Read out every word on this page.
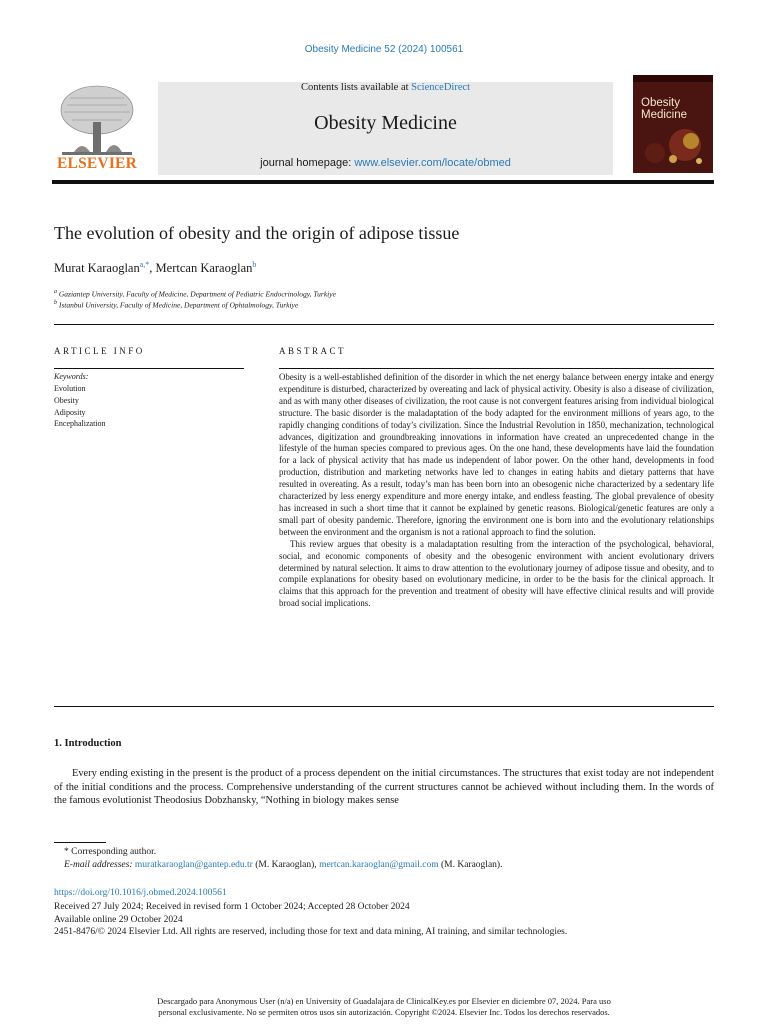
Obesity Medicine 52 (2024) 100561
ELSEVIER
Contents lists available at ScienceDirect
Obesity Medicine
journal homepage: www.elsevier.com/locate/obmed
Obesity
Medicine
The evolution of obesity and the origin of adipose tissue
Murat Karaoglan$^{a,*}$, Mertcan Karaoglan$^b$
$^a$ Gaziantep University, Faculty of Medicine, Department of Pediatric Endocrinology, Turkiye
$^b$ Istanbul University, Faculty of Medicine, Department of Ophtalmology, Turkiye
ARTICLE INFO
Keywords:
Evolution
Obesity
Adiposity
Encephalization
ABSTRACT

Obesity is a well-established definition of the disorder in which the net energy balance between energy intake and energy expenditure is disturbed, characterized by overeating and lack of physical activity. Obesity is also a disease of civilization, and as with many other diseases of civilization, the root cause is not convergent features arising from individual biological structure. The basic disorder is the maladaptation of the body adapted for the environment millions of years ago, to the rapidly changing conditions of today’s civilization. Since the Industrial Revolution in 1850, mechanization, technological advances, digitization and groundbreaking innovations in information have created an unprecedented change in the lifestyle of the human species compared to previous ages. On the one hand, these developments have laid the foundation for a lack of physical activity that has made us independent of labor power. On the other hand, developments in food production, distribution and marketing networks have led to changes in eating habits and dietary patterns that have resulted in overeating. As a result, today’s man has been born into an obesogenic niche characterized by a sedentary life characterized by less energy expenditure and more energy intake, and endless feasting. The global prevalence of obesity has increased in such a short time that it cannot be explained by genetic reasons. Biological/genetic features are only a small part of obesity pandemic. Therefore, ignoring the environment one is born into and the evolutionary relationships between the environment and the organism is not a rational approach to find the solution.

This review argues that obesity is a maladaptation resulting from the interaction of the psychological, behavioral, social, and economic components of obesity and the obesogenic environment with ancient evolutionary drivers determined by natural selection. It aims to draw attention to the evolutionary journey of adipose tissue and obesity, and to compile explanations for obesity based on evolutionary medicine, in order to be the basis for the clinical approach. It claims that this approach for the prevention and treatment of obesity will have effective clinical results and will provide broad social implications.

1. Introduction

Every ending existing in the present is the product of a process dependent on the initial circumstances. The structures that exist today are not independent of the initial conditions and the process. Comprehensive understanding of the current structures cannot be achieved without including them. In the words of the famous evolutionist Theodosius Dobzhansky, “Nothing in biology makes sense

* Corresponding author.
E-mail addresses: muratkaraoglan@gantep.edu.tr (M. Karaoglan), mertcan.karaoglan@gmail.com (M. Karaoglan).
https://doi.org/10.1016/j.obmed.2024.100561
Received 27 July 2024; Received in revised form 1 October 2024; Accepted 28 October 2024
Available online 29 October 2024
2451-8476/© 2024 Elsevier Ltd. All rights are reserved, including those for text and data mining, AI training, and similar technologies.
Descargado para Anonymous User (n/a) en University of Guadalajara de ClinicalKey.es por Elsevier en diciembre 07, 2024. Para uso
personal exclusivamente. No se permiten otros usos sin autorización. Copyright ©2024. Elsevier Inc. Todos los derechos reservados.
